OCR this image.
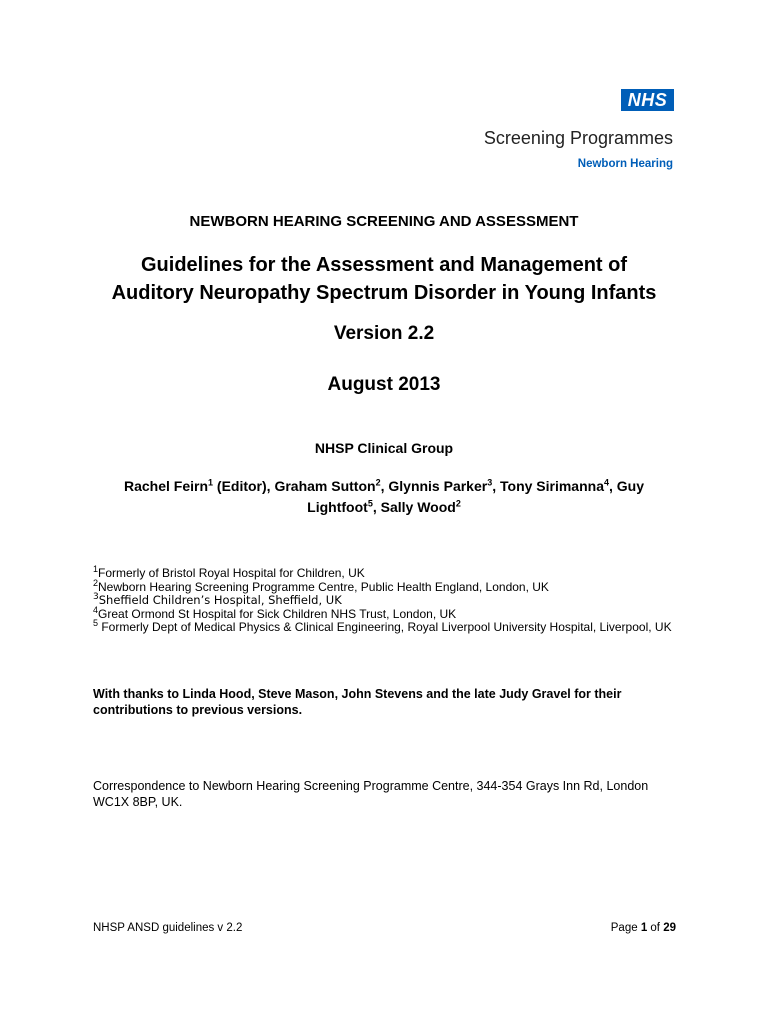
NHS
Screening Programmes
Newborn Hearing
NEWBORN HEARING SCREENING AND ASSESSMENT
Guidelines for the Assessment and Management of
Auditory Neuropathy Spectrum Disorder in Young Infants
Version 2.2
August 2013
NHSP Clinical Group
Rachel Feirn$^1$ (Editor), Graham Sutton$^2$, Glynnis Parker$^3$, Tony Sirimanna$^4$, Guy
Lightfoot$^5$, Sally Wood$^2$
$^1$Formerly of Bristol Royal Hospital for Children, UK
$^2$Newborn Hearing Screening Programme Centre, Public Health England, London, UK
$^3$Sheffield Children’s Hospital, Sheffield, UK
$^4$Great Ormond St Hospital for Sick Children NHS Trust, London, UK
$^5$ Formerly Dept of Medical Physics & Clinical Engineering, Royal Liverpool University Hospital, Liverpool, UK
With thanks to Linda Hood, Steve Mason, John Stevens and the late Judy Gravel for their contributions to previous versions.
Correspondence to Newborn Hearing Screening Programme Centre, 344-354 Grays Inn Rd, London WC1X 8BP, UK.
NHSP ANSD guidelines v 2.2	Page 1 of 29
